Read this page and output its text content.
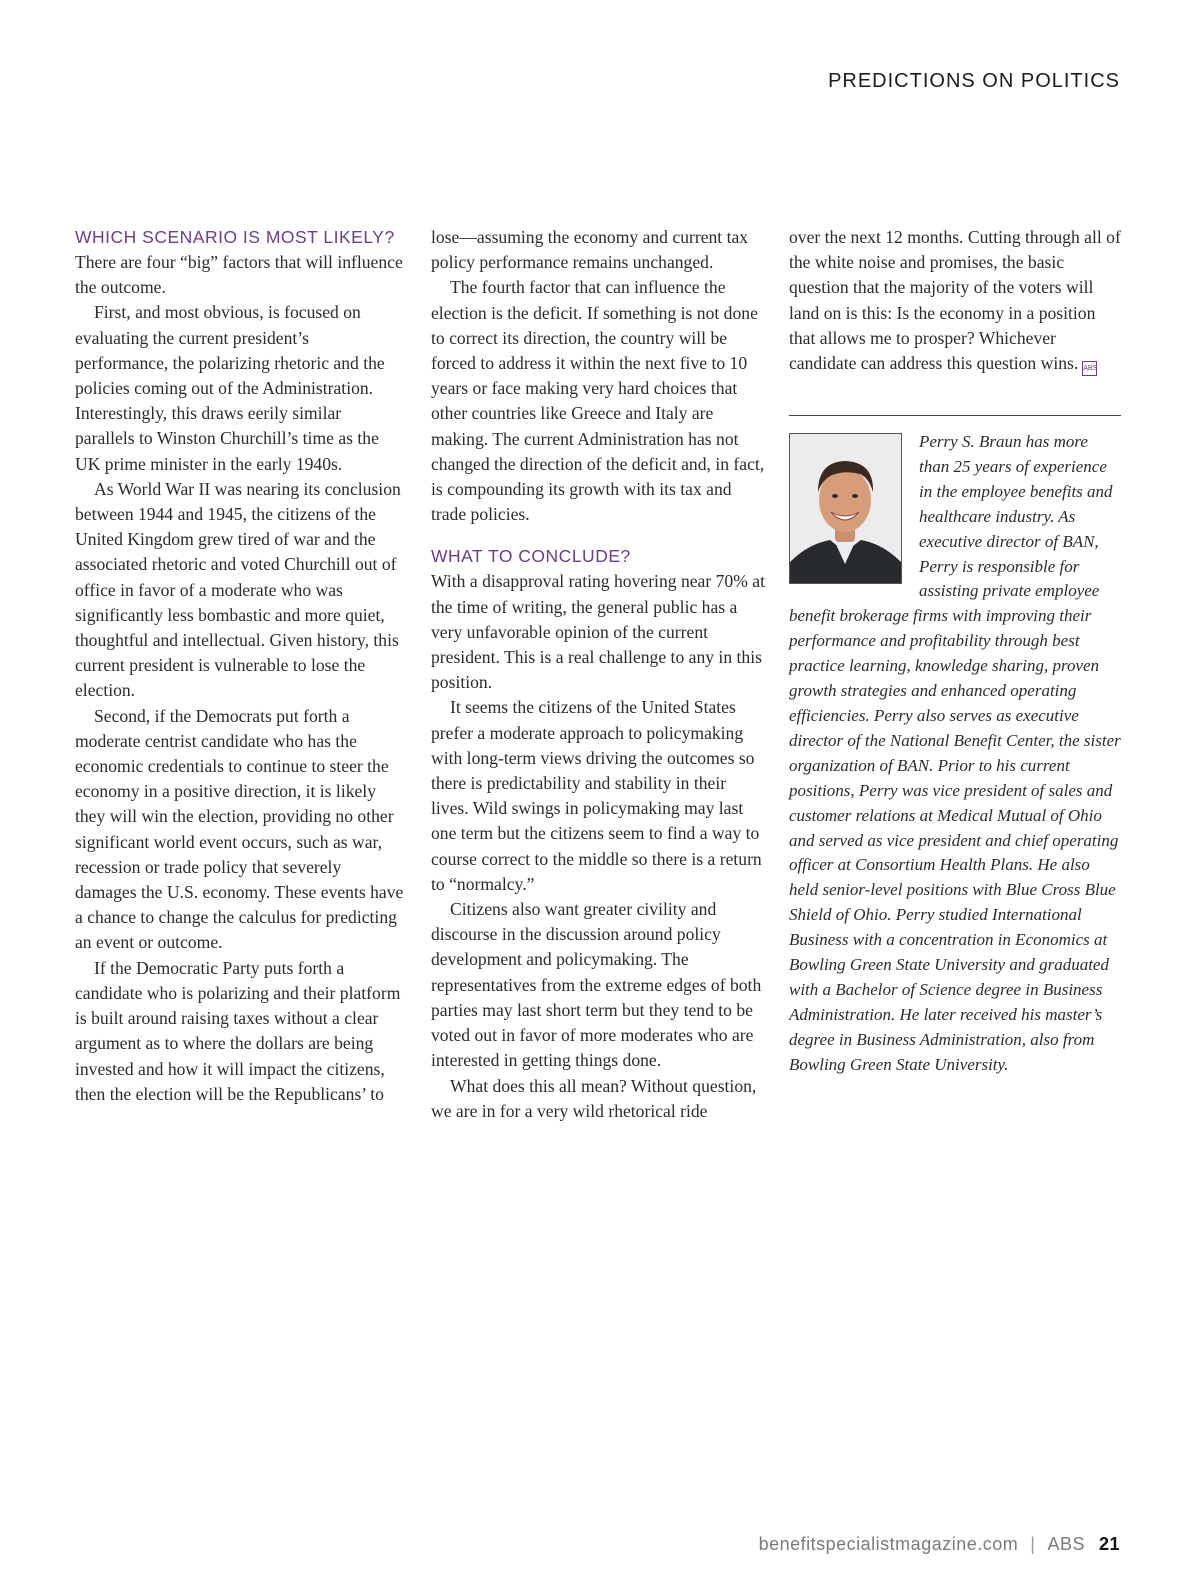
PREDICTIONS ON POLITICS
WHICH SCENARIO IS MOST LIKELY?

There are four “big” factors that will influence the outcome.

First, and most obvious, is focused on evaluating the current president’s performance, the polarizing rhetoric and the policies coming out of the Administration. Interestingly, this draws eerily similar parallels to Winston Churchill’s time as the UK prime minister in the early 1940s.

As World War II was nearing its conclusion between 1944 and 1945, the citizens of the United Kingdom grew tired of war and the associated rhetoric and voted Churchill out of office in favor of a moderate who was significantly less bombastic and more quiet, thoughtful and intellectual. Given history, this current president is vulnerable to lose the election.

Second, if the Democrats put forth a moderate centrist candidate who has the economic credentials to continue to steer the economy in a positive direction, it is likely they will win the election, providing no other significant world event occurs, such as war, recession or trade policy that severely damages the U.S. economy. These events have a chance to change the calculus for predicting an event or outcome.

If the Democratic Party puts forth a candidate who is polarizing and their platform is built around raising taxes without a clear argument as to where the dollars are being invested and how it will impact the citizens, then the election will be the Republicans’ to

lose—assuming the economy and current tax policy performance remains unchanged.

The fourth factor that can influence the election is the deficit. If something is not done to correct its direction, the country will be forced to address it within the next five to 10 years or face making very hard choices that other countries like Greece and Italy are making. The current Administration has not changed the direction of the deficit and, in fact, is compounding its growth with its tax and trade policies.

WHAT TO CONCLUDE?

With a disapproval rating hovering near 70% at the time of writing, the general public has a very unfavorable opinion of the current president. This is a real challenge to any in this position.

It seems the citizens of the United States prefer a moderate approach to policymaking with long-term views driving the outcomes so there is predictability and stability in their lives. Wild swings in policymaking may last one term but the citizens seem to find a way to course correct to the middle so there is a return to “normalcy.”

Citizens also want greater civility and discourse in the discussion around policy development and policymaking. The representatives from the extreme edges of both parties may last short term but they tend to be voted out in favor of more moderates who are interested in getting things done.

What does this all mean? Without question, we are in for a very wild rhetorical ride

over the next 12 months. Cutting through all of the white noise and promises, the basic question that the majority of the voters will land on is this: Is the economy in a position that allows me to prosper? Whichever candidate can address this question wins. ABS

Perry S. Braun has more than 25 years of experience in the employee benefits and healthcare industry. As executive director of BAN, Perry is responsible for assisting private employee benefit brokerage firms with improving their performance and profitability through best practice learning, knowledge sharing, proven growth strategies and enhanced operating efficiencies. Perry also serves as executive director of the National Benefit Center, the sister organization of BAN. Prior to his current positions, Perry was vice president of sales and customer relations at Medical Mutual of Ohio and served as vice president and chief operating officer at Consortium Health Plans. He also held senior-level positions with Blue Cross Blue Shield of Ohio. Perry studied International Business with a concentration in Economics at Bowling Green State University and graduated with a Bachelor of Science degree in Business Administration. He later received his master’s degree in Business Administration, also from Bowling Green State University.
benefitspecialistmagazine.com | ABS 21
